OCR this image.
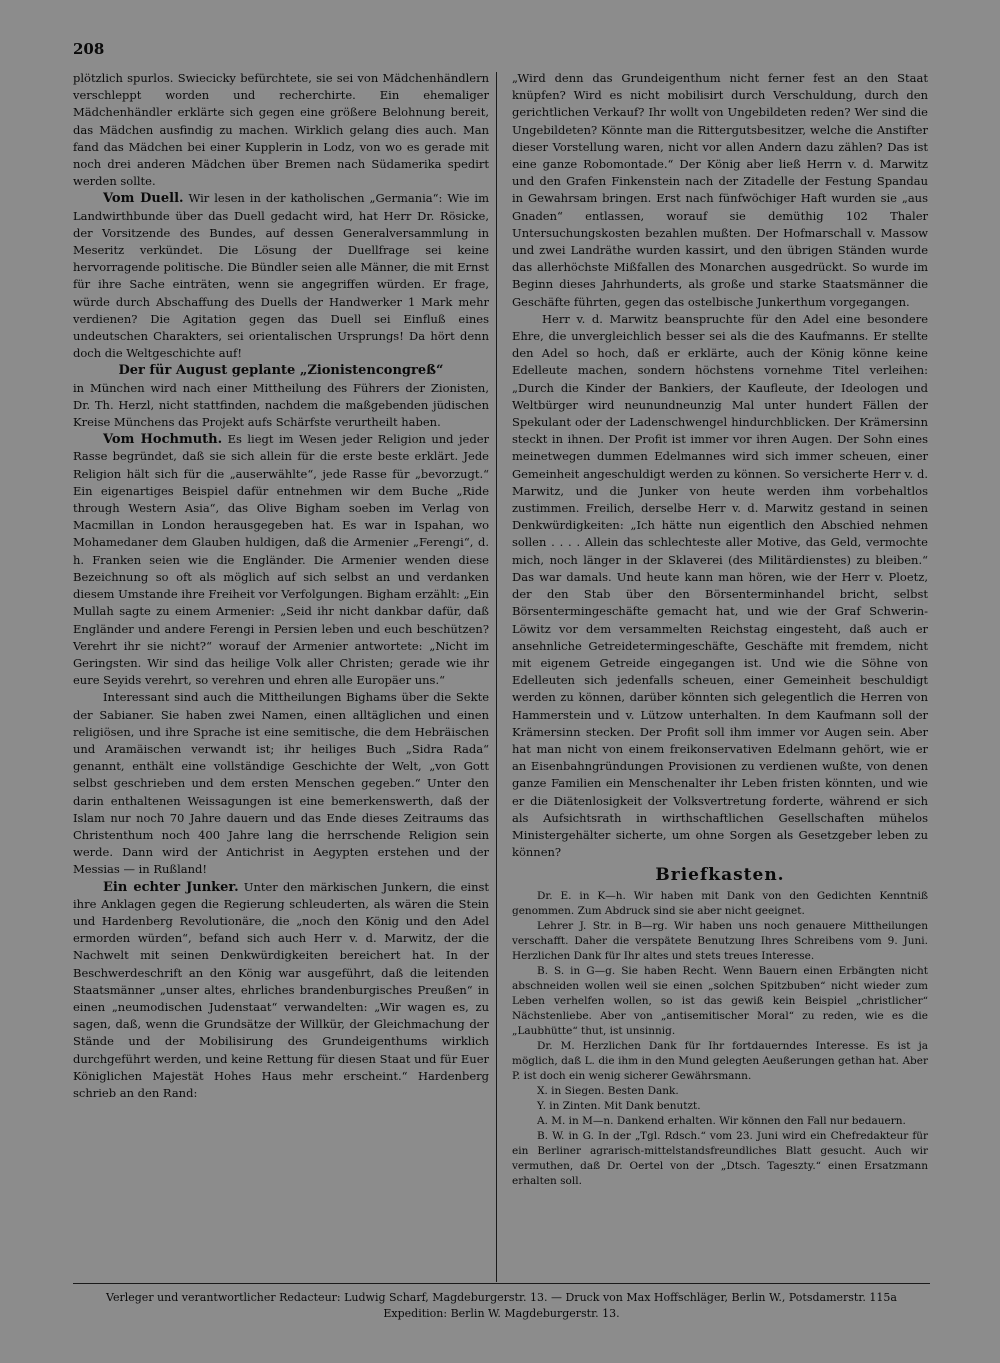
208

plötzlich spurlos. Swiecicky befürchtete, sie sei von Mädchenhändlern verschleppt worden und recherchirte. Ein ehemaliger Mädchenhändler erklärte sich gegen eine größere Belohnung bereit, das Mädchen ausfindig zu machen. Wirklich gelang dies auch. Man fand das Mädchen bei einer Kupplerin in Lodz, von wo es gerade mit noch drei anderen Mädchen über Bremen nach Südamerika spedirt werden sollte.

Vom Duell. Wir lesen in der katholischen „Germania“: Wie im Landwirthbunde über das Duell gedacht wird, hat Herr Dr. Rösicke, der Vorsitzende des Bundes, auf dessen Generalversammlung in Meseritz verkündet. Die Lösung der Duellfrage sei keine hervorragende politische. Die Bündler seien alle Männer, die mit Ernst für ihre Sache einträten, wenn sie angegriffen würden. Er frage, würde durch Abschaffung des Duells der Handwerker 1 Mark mehr verdienen? Die Agitation gegen das Duell sei Einfluß eines undeutschen Charakters, sei orientalischen Ursprungs! Da hört denn doch die Weltgeschichte auf!

Der für August geplante „Zionistencongreß“

in München wird nach einer Mittheilung des Führers der Zionisten, Dr. Th. Herzl, nicht stattfinden, nachdem die maßgebenden jüdischen Kreise Münchens das Projekt aufs Schärfste verurtheilt haben.

Vom Hochmuth. Es liegt im Wesen jeder Religion und jeder Rasse begründet, daß sie sich allein für die erste beste erklärt. Jede Religion hält sich für die „auserwählte“, jede Rasse für „bevorzugt.“ Ein eigenartiges Beispiel dafür entnehmen wir dem Buche „Ride through Western Asia“, das Olive Bigham soeben im Verlag von Macmillan in London herausgegeben hat. Es war in Ispahan, wo Mohamedaner dem Glauben huldigen, daß die Armenier „Ferengi“, d. h. Franken seien wie die Engländer. Die Armenier wenden diese Bezeichnung so oft als möglich auf sich selbst an und verdanken diesem Umstande ihre Freiheit vor Verfolgungen. Bigham erzählt: „Ein Mullah sagte zu einem Armenier: „Seid ihr nicht dankbar dafür, daß Engländer und andere Ferengi in Persien leben und euch beschützen? Verehrt ihr sie nicht?“ worauf der Armenier antwortete: „Nicht im Geringsten. Wir sind das heilige Volk aller Christen; gerade wie ihr eure Seyids verehrt, so verehren und ehren alle Europäer uns.“

Interessant sind auch die Mittheilungen Bighams über die Sekte der Sabianer. Sie haben zwei Namen, einen alltäglichen und einen religiösen, und ihre Sprache ist eine semitische, die dem Hebräischen und Aramäischen verwandt ist; ihr heiliges Buch „Sidra Rada“ genannt, enthält eine vollständige Geschichte der Welt, „von Gott selbst geschrieben und dem ersten Menschen gegeben.“ Unter den darin enthaltenen Weissagungen ist eine bemerkenswerth, daß der Islam nur noch 70 Jahre dauern und das Ende dieses Zeitraums das Christenthum noch 400 Jahre lang die herrschende Religion sein werde. Dann wird der Antichrist in Aegypten erstehen und der Messias — in Rußland!

Ein echter Junker. Unter den märkischen Junkern, die einst ihre Anklagen gegen die Regierung schleuderten, als wären die Stein und Hardenberg Revolutionäre, die „noch den König und den Adel ermorden würden“, befand sich auch Herr v. d. Marwitz, der die Nachwelt mit seinen Denkwürdigkeiten bereichert hat. In der Beschwerdeschrift an den König war ausgeführt, daß die leitenden Staatsmänner „unser altes, ehrliches brandenburgisches Preußen“ in einen „neumodischen Judenstaat“ verwandelten: „Wir wagen es, zu sagen, daß, wenn die Grundsätze der Willkür, der Gleichmachung der Stände und der Mobilisirung des Grundeigenthums wirklich durchgeführt werden, und keine Rettung für diesen Staat und für Euer Königlichen Majestät Hohes Haus mehr erscheint.“ Hardenberg schrieb an den Rand:

„Wird denn das Grundeigenthum nicht ferner fest an den Staat knüpfen? Wird es nicht mobilisirt durch Verschuldung, durch den gerichtlichen Verkauf? Ihr wollt von Ungebildeten reden? Wer sind die Ungebildeten? Könnte man die Rittergutsbesitzer, welche die Anstifter dieser Vorstellung waren, nicht vor allen Andern dazu zählen? Das ist eine ganze Robomontade.“ Der König aber ließ Herrn v. d. Marwitz und den Grafen Finkenstein nach der Zitadelle der Festung Spandau in Gewahrsam bringen. Erst nach fünfwöchiger Haft wurden sie „aus Gnaden“ entlassen, worauf sie demüthig 102 Thaler Untersuchungskosten bezahlen mußten. Der Hofmarschall v. Massow und zwei Landräthe wurden kassirt, und den übrigen Ständen wurde das allerhöchste Mißfallen des Monarchen ausgedrückt. So wurde im Beginn dieses Jahrhunderts, als große und starke Staatsmänner die Geschäfte führten, gegen das ostelbische Junkerthum vorgegangen.

Herr v. d. Marwitz beanspruchte für den Adel eine besondere Ehre, die unvergleichlich besser sei als die des Kaufmanns. Er stellte den Adel so hoch, daß er erklärte, auch der König könne keine Edelleute machen, sondern höchstens vornehme Titel verleihen: „Durch die Kinder der Bankiers, der Kaufleute, der Ideologen und Weltbürger wird neunundneunzig Mal unter hundert Fällen der Spekulant oder der Ladenschwengel hindurchblicken. Der Krämersinn steckt in ihnen. Der Profit ist immer vor ihren Augen. Der Sohn eines meinetwegen dummen Edelmannes wird sich immer scheuen, einer Gemeinheit angeschuldigt werden zu können. So versicherte Herr v. d. Marwitz, und die Junker von heute werden ihm vorbehaltlos zustimmen. Freilich, derselbe Herr v. d. Marwitz gestand in seinen Denkwürdigkeiten: „Ich hätte nun eigentlich den Abschied nehmen sollen . . . . Allein das schlechteste aller Motive, das Geld, vermochte mich, noch länger in der Sklaverei (des Militärdienstes) zu bleiben.“ Das war damals. Und heute kann man hören, wie der Herr v. Ploetz, der den Stab über den Börsenterminhandel bricht, selbst Börsentermingeschäfte gemacht hat, und wie der Graf Schwerin-Löwitz vor dem versammelten Reichstag eingesteht, daß auch er ansehnliche Getreidetermingeschäfte, Geschäfte mit fremdem, nicht mit eigenem Getreide eingegangen ist. Und wie die Söhne von Edelleuten sich jedenfalls scheuen, einer Gemeinheit beschuldigt werden zu können, darüber könnten sich gelegentlich die Herren von Hammerstein und v. Lützow unterhalten. In dem Kaufmann soll der Krämersinn stecken. Der Profit soll ihm immer vor Augen sein. Aber hat man nicht von einem freikonservativen Edelmann gehört, wie er an Eisenbahngründungen Provisionen zu verdienen wußte, von denen ganze Familien ein Menschenalter ihr Leben fristen könnten, und wie er die Diätenlosigkeit der Volksvertretung forderte, während er sich als Aufsichtsrath in wirthschaftlichen Gesellschaften mühelos Ministergehälter sicherte, um ohne Sorgen als Gesetzgeber leben zu können?

Briefkasten.

Dr. E. in K—h. Wir haben mit Dank von den Gedichten Kenntniß genommen. Zum Abdruck sind sie aber nicht geeignet.

Lehrer J. Str. in B—rg. Wir haben uns noch genauere Mittheilungen verschafft. Daher die verspätete Benutzung Ihres Schreibens vom 9. Juni. Herzlichen Dank für Ihr altes und stets treues Interesse.

B. S. in G—g. Sie haben Recht. Wenn Bauern einen Erbängten nicht abschneiden wollen weil sie einen „solchen Spitzbuben“ nicht wieder zum Leben verhelfen wollen, so ist das gewiß kein Beispiel „christlicher“ Nächstenliebe. Aber von „antisemitischer Moral“ zu reden, wie es die „Laubhütte“ thut, ist unsinnig.

Dr. M. Herzlichen Dank für Ihr fortdauerndes Interesse. Es ist ja möglich, daß L. die ihm in den Mund gelegten Aeußerungen gethan hat. Aber P. ist doch ein wenig sicherer Gewährsmann.

X. in Siegen. Besten Dank.

Y. in Zinten. Mit Dank benutzt.

A. M. in M—n. Dankend erhalten. Wir können den Fall nur bedauern.

B. W. in G. In der „Tgl. Rdsch.“ vom 23. Juni wird ein Chefredakteur für ein Berliner agrarisch-mittelstandsfreundliches Blatt gesucht. Auch wir vermuthen, daß Dr. Oertel von der „Dtsch. Tageszty.“ einen Ersatzmann erhalten soll.

Verleger und verantwortlicher Redacteur: Ludwig Scharf, Magdeburgerstr. 13. — Druck von Max Hoffschläger, Berlin W., Potsdamerstr. 115a
Expedition: Berlin W. Magdeburgerstr. 13.
